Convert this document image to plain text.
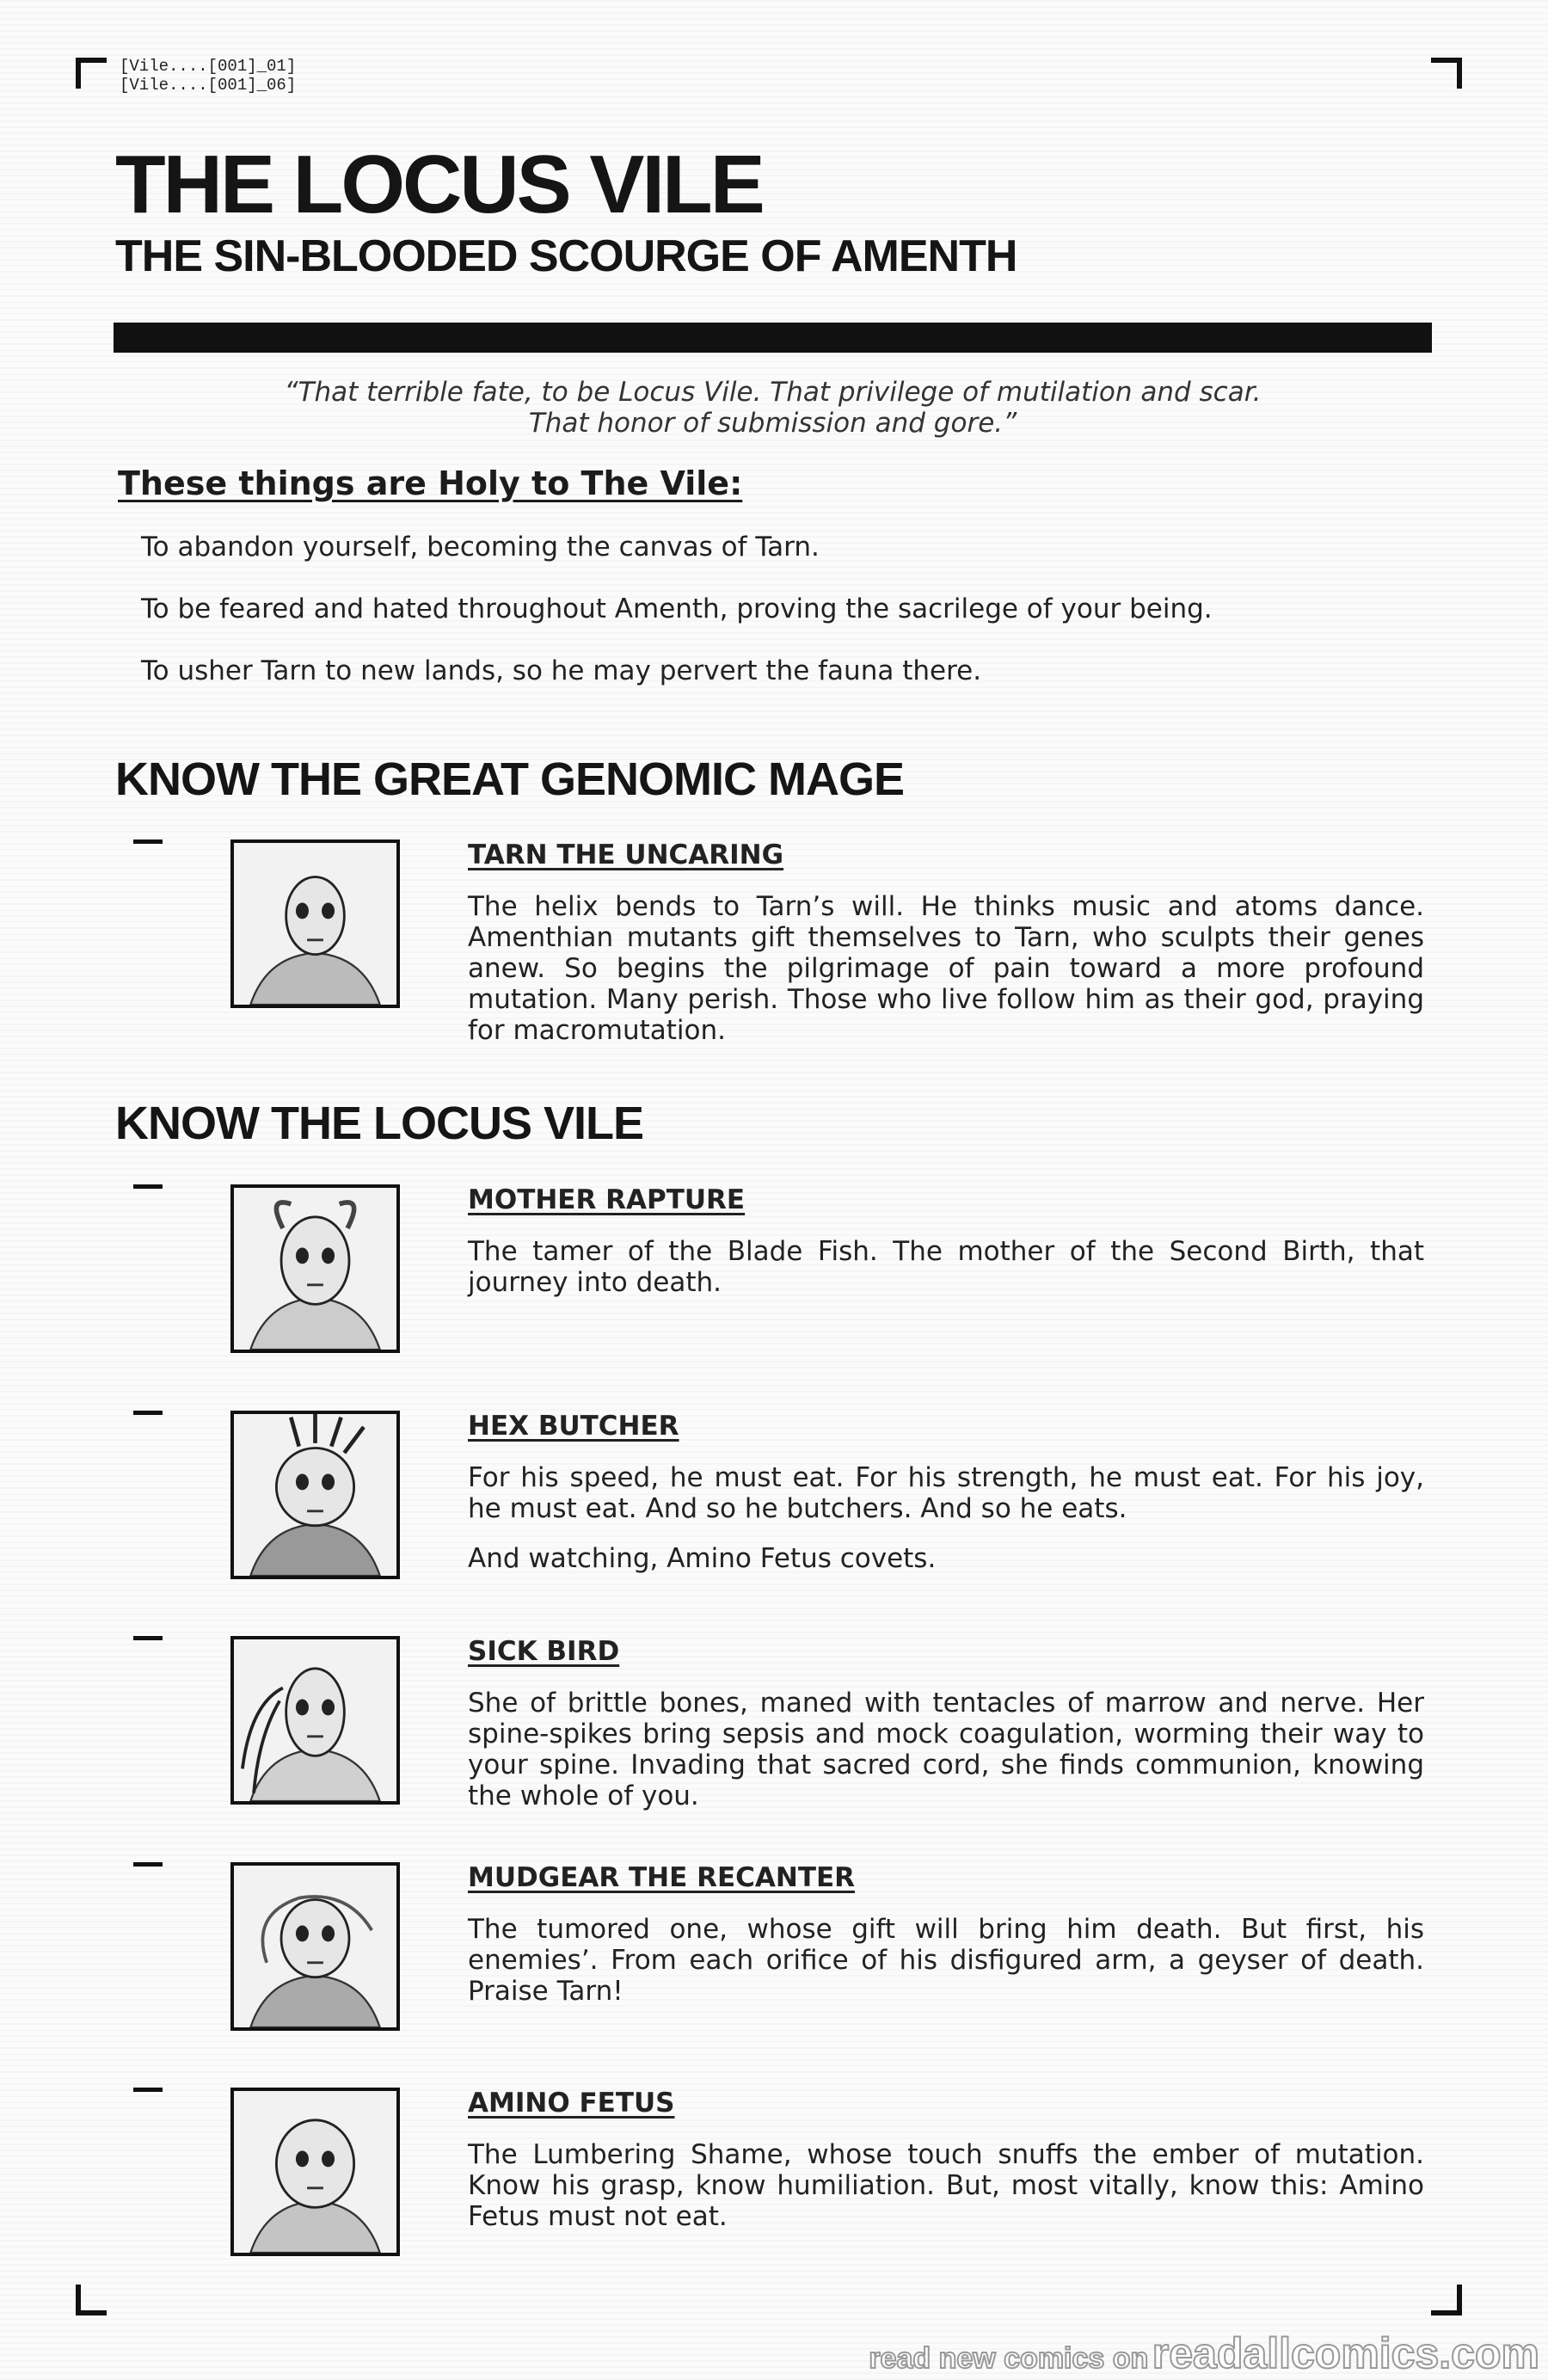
[Vile....[001]_01]
[Vile....[001]_06]
THE LOCUS VILE
THE SIN-BLOODED SCOURGE OF AMENTH
“That terrible fate, to be Locus Vile. That privilege of mutilation and scar.
That honor of submission and gore.”
These things are Holy to The Vile:
To abandon yourself, becoming the canvas of Tarn.
To be feared and hated throughout Amenth, proving the sacrilege of your being.
To usher Tarn to new lands, so he may pervert the fauna there.
KNOW THE GREAT GENOMIC MAGE
KNOW THE LOCUS VILE
TARN THE UNCARING

The helix bends to Tarn’s will. He thinks music and atoms dance. Amenthian mutants gift themselves to Tarn, who sculpts their genes anew. So begins the pilgrimage of pain toward a more profound mutation. Many perish. Those who live follow him as their god, praying for macromutation.

MOTHER RAPTURE

The tamer of the Blade Fish. The mother of the Second Birth, that journey into death.

HEX BUTCHER

For his speed, he must eat. For his strength, he must eat. For his joy, he must eat. And so he butchers. And so he eats.

And watching, Amino Fetus covets.

SICK BIRD

She of brittle bones, maned with tentacles of marrow and nerve. Her spine-spikes bring sepsis and mock coagulation, worming their way to your spine. Invading that sacred cord, she finds communion, knowing the whole of you.

MUDGEAR THE RECANTER

The tumored one, whose gift will bring him death. But first, his enemies’. From each orifice of his disfigured arm, a geyser of death. Praise Tarn!

AMINO FETUS

The Lumbering Shame, whose touch snuffs the ember of mutation. Know his grasp, know humiliation. But, most vitally, know this: Amino Fetus must not eat.

read new comics on readallcomics.com
